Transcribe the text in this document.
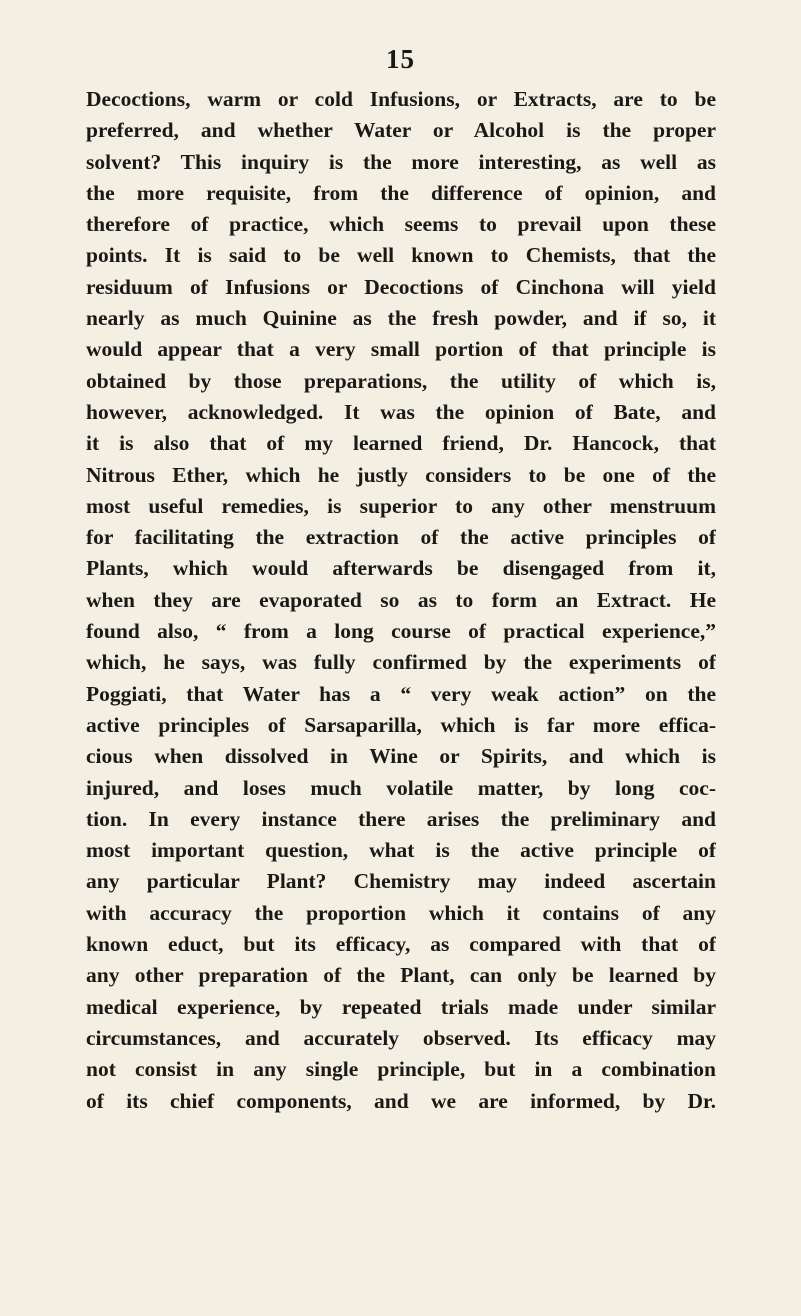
15
Decoctions, warm or cold Infusions, or Extracts, are to be
preferred, and whether Water or Alcohol is the proper
solvent? This inquiry is the more interesting, as well as
the more requisite, from the difference of opinion, and
therefore of practice, which seems to prevail upon these
points. It is said to be well known to Chemists, that the
residuum of Infusions or Decoctions of Cinchona will yield
nearly as much Quinine as the fresh powder, and if so, it
would appear that a very small portion of that principle is
obtained by those preparations, the utility of which is,
however, acknowledged. It was the opinion of Bate, and
it is also that of my learned friend, Dr. Hancock, that
Nitrous Ether, which he justly considers to be one of the
most useful remedies, is superior to any other menstruum
for facilitating the extraction of the active principles of
Plants, which would afterwards be disengaged from it,
when they are evaporated so as to form an Extract. He
found also, “ from a long course of practical experience,”
which, he says, was fully confirmed by the experiments of
Poggiati, that Water has a “ very weak action” on the
active principles of Sarsaparilla, which is far more effica-
cious when dissolved in Wine or Spirits, and which is
injured, and loses much volatile matter, by long coc-
tion. In every instance there arises the preliminary and
most important question, what is the active principle of
any particular Plant? Chemistry may indeed ascertain
with accuracy the proportion which it contains of any
known educt, but its efficacy, as compared with that of
any other preparation of the Plant, can only be learned by
medical experience, by repeated trials made under similar
circumstances, and accurately observed. Its efficacy may
not consist in any single principle, but in a combination
of its chief components, and we are informed, by Dr.
